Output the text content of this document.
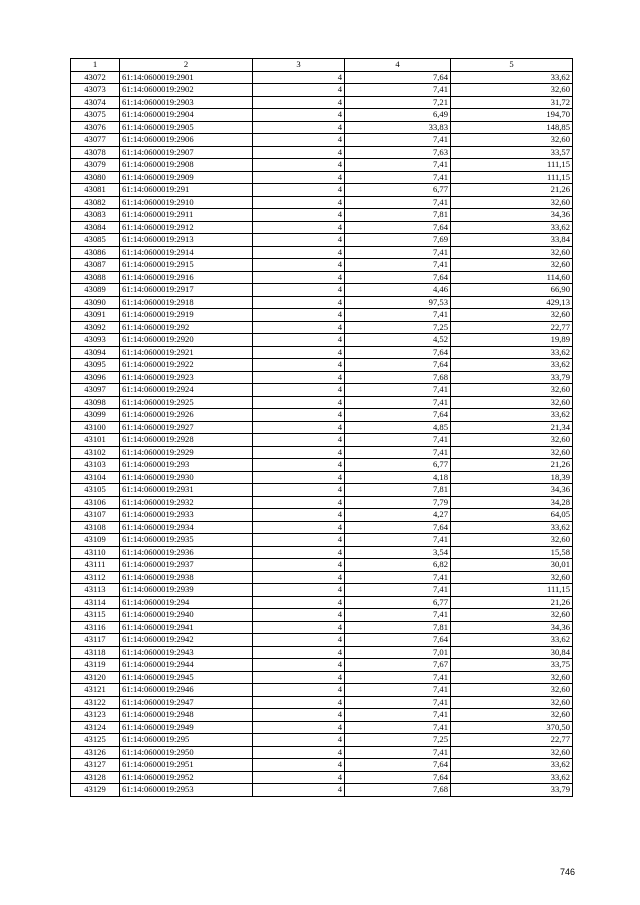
1	2	3	4	5
43072	61:14:0600019:2901	4	7,64	33,62
43073	61:14:0600019:2902	4	7,41	32,60
43074	61:14:0600019:2903	4	7,21	31,72
43075	61:14:0600019:2904	4	6,49	194,70
43076	61:14:0600019:2905	4	33,83	148,85
43077	61:14:0600019:2906	4	7,41	32,60
43078	61:14:0600019:2907	4	7,63	33,57
43079	61:14:0600019:2908	4	7,41	111,15
43080	61:14:0600019:2909	4	7,41	111,15
43081	61:14:0600019:291	4	6,77	21,26
43082	61:14:0600019:2910	4	7,41	32,60
43083	61:14:0600019:2911	4	7,81	34,36
43084	61:14:0600019:2912	4	7,64	33,62
43085	61:14:0600019:2913	4	7,69	33,84
43086	61:14:0600019:2914	4	7,41	32,60
43087	61:14:0600019:2915	4	7,41	32,60
43088	61:14:0600019:2916	4	7,64	114,60
43089	61:14:0600019:2917	4	4,46	66,90
43090	61:14:0600019:2918	4	97,53	429,13
43091	61:14:0600019:2919	4	7,41	32,60
43092	61:14:0600019:292	4	7,25	22,77
43093	61:14:0600019:2920	4	4,52	19,89
43094	61:14:0600019:2921	4	7,64	33,62
43095	61:14:0600019:2922	4	7,64	33,62
43096	61:14:0600019:2923	4	7,68	33,79
43097	61:14:0600019:2924	4	7,41	32,60
43098	61:14:0600019:2925	4	7,41	32,60
43099	61:14:0600019:2926	4	7,64	33,62
43100	61:14:0600019:2927	4	4,85	21,34
43101	61:14:0600019:2928	4	7,41	32,60
43102	61:14:0600019:2929	4	7,41	32,60
43103	61:14:0600019:293	4	6,77	21,26
43104	61:14:0600019:2930	4	4,18	18,39
43105	61:14:0600019:2931	4	7,81	34,36
43106	61:14:0600019:2932	4	7,79	34,28
43107	61:14:0600019:2933	4	4,27	64,05
43108	61:14:0600019:2934	4	7,64	33,62
43109	61:14:0600019:2935	4	7,41	32,60
43110	61:14:0600019:2936	4	3,54	15,58
43111	61:14:0600019:2937	4	6,82	30,01
43112	61:14:0600019:2938	4	7,41	32,60
43113	61:14:0600019:2939	4	7,41	111,15
43114	61:14:0600019:294	4	6,77	21,26
43115	61:14:0600019:2940	4	7,41	32,60
43116	61:14:0600019:2941	4	7,81	34,36
43117	61:14:0600019:2942	4	7,64	33,62
43118	61:14:0600019:2943	4	7,01	30,84
43119	61:14:0600019:2944	4	7,67	33,75
43120	61:14:0600019:2945	4	7,41	32,60
43121	61:14:0600019:2946	4	7,41	32,60
43122	61:14:0600019:2947	4	7,41	32,60
43123	61:14:0600019:2948	4	7,41	32,60
43124	61:14:0600019:2949	4	7,41	370,50
43125	61:14:0600019:295	4	7,25	22,77
43126	61:14:0600019:2950	4	7,41	32,60
43127	61:14:0600019:2951	4	7,64	33,62
43128	61:14:0600019:2952	4	7,64	33,62
43129	61:14:0600019:2953	4	7,68	33,79
746
